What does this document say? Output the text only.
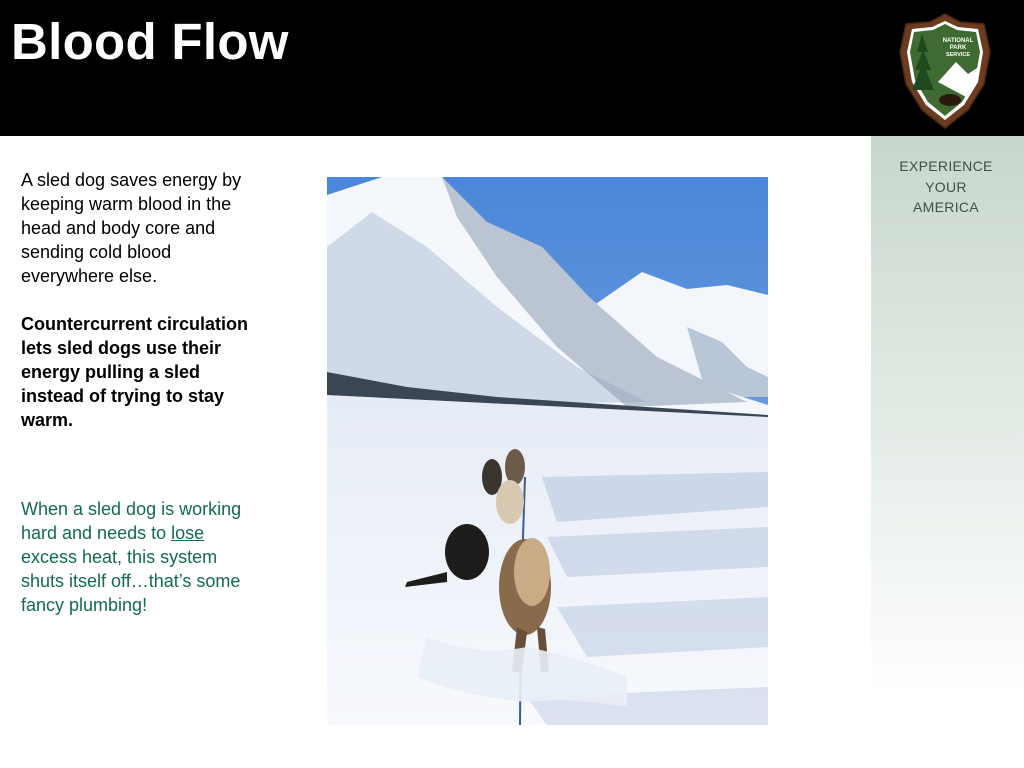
Blood Flow	NATIONAL
PARK
SERVICE
EXPERIENCE
YOUR
AMERICA

A sled dog saves energy by keeping warm blood in the head and body core and sending cold blood everywhere else.

Countercurrent circulation lets sled dogs use their energy pulling a sled instead of trying to stay warm.

When a sled dog is working hard and needs to lose excess heat, this system shuts itself off…that’s some fancy plumbing!
